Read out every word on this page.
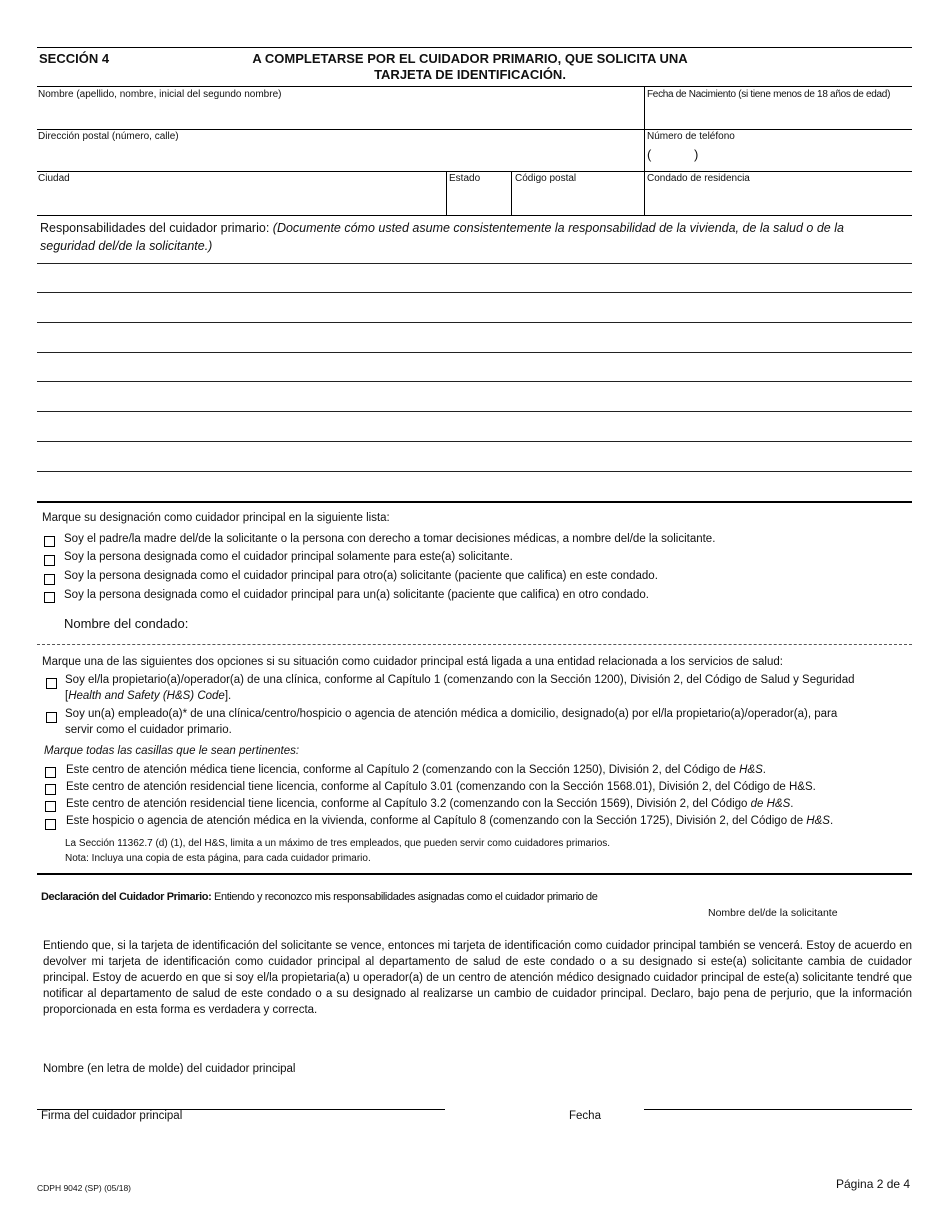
SECCIÓN 4	A COMPLETARSE POR EL CUIDADOR PRIMARIO, QUE SOLICITA UNA
TARJETA DE IDENTIFICACIÓN.
Nombre (apellido, nombre, inicial del segundo nombre)	Fecha de Nacimiento (si tiene menos de 18 años de edad)
Dirección postal (número, calle)	Número de teléfono
(	)
Ciudad	Estado	Código postal	Condado de residencia
Responsabilidades del cuidador primario: (Documente cómo usted asume consistentemente la responsabilidad de la vivienda, de la salud o de la seguridad del/de la solicitante.)
Marque su designación como cuidador principal en la siguiente lista:
Soy el padre/la madre del/de la solicitante o la persona con derecho a tomar decisiones médicas, a nombre del/de la solicitante.
Soy la persona designada como el cuidador principal solamente para este(a) solicitante.
Soy la persona designada como el cuidador principal para otro(a) solicitante (paciente que califica) en este condado.
Soy la persona designada como el cuidador principal para un(a) solicitante (paciente que califica) en otro condado.
Nombre del condado:
Marque una de las siguientes dos opciones si su situación como cuidador principal está ligada a una entidad relacionada a los servicios de salud:
Soy el/la propietario(a)/operador(a) de una clínica, conforme al Capítulo 1 (comenzando con la Sección 1200), División 2, del Código de Salud y Seguridad
[Health and Safety (H&S) Code].
Soy un(a) empleado(a)* de una clínica/centro/hospicio o agencia de atención médica a domicilio, designado(a) por el/la propietario(a)/operador(a), para
servir como el cuidador primario.
Marque todas las casillas que le sean pertinentes:
Este centro de atención médica tiene licencia, conforme al Capítulo 2 (comenzando con la Sección 1250), División 2, del Código de H&S.
Este centro de atención residencial tiene licencia, conforme al Capítulo 3.01 (comenzando con la Sección 1568.01), División 2, del Código de H&S.
Este centro de atención residencial tiene licencia, conforme al Capítulo 3.2 (comenzando con la Sección 1569), División 2, del Código de H&S.
Este hospicio o agencia de atención médica en la vivienda, conforme al Capítulo 8 (comenzando con la Sección 1725), División 2, del Código de H&S.
La Sección 11362.7 (d) (1), del H&S, limita a un máximo de tres empleados, que pueden servir como cuidadores primarios.
Nota: Incluya una copia de esta página, para cada cuidador primario.
Declaración del Cuidador Primario: Entiendo y reconozco mis responsabilidades asignadas como el cuidador primario de
Nombre del/de la solicitante
Entiendo que, si la tarjeta de identificación del solicitante se vence, entonces mi tarjeta de identificación como cuidador principal también se vencerá. Estoy de acuerdo en devolver mi tarjeta de identificación como cuidador principal al departamento de salud de este condado o a su designado si este(a) solicitante cambia de cuidador principal. Estoy de acuerdo en que si soy el/la propietaria(a) u operador(a) de un centro de atención médico designado cuidador principal de este(a) solicitante tendré que notificar al departamento de salud de este condado o a su designado al realizarse un cambio de cuidador principal. Declaro, bajo pena de perjurio, que la información proporcionada en esta forma es verdadera y correcta.
Nombre (en letra de molde) del cuidador principal
Firma del cuidador principal	Fecha
CDPH 9042 (SP) (05/18)	Página 2 de 4
